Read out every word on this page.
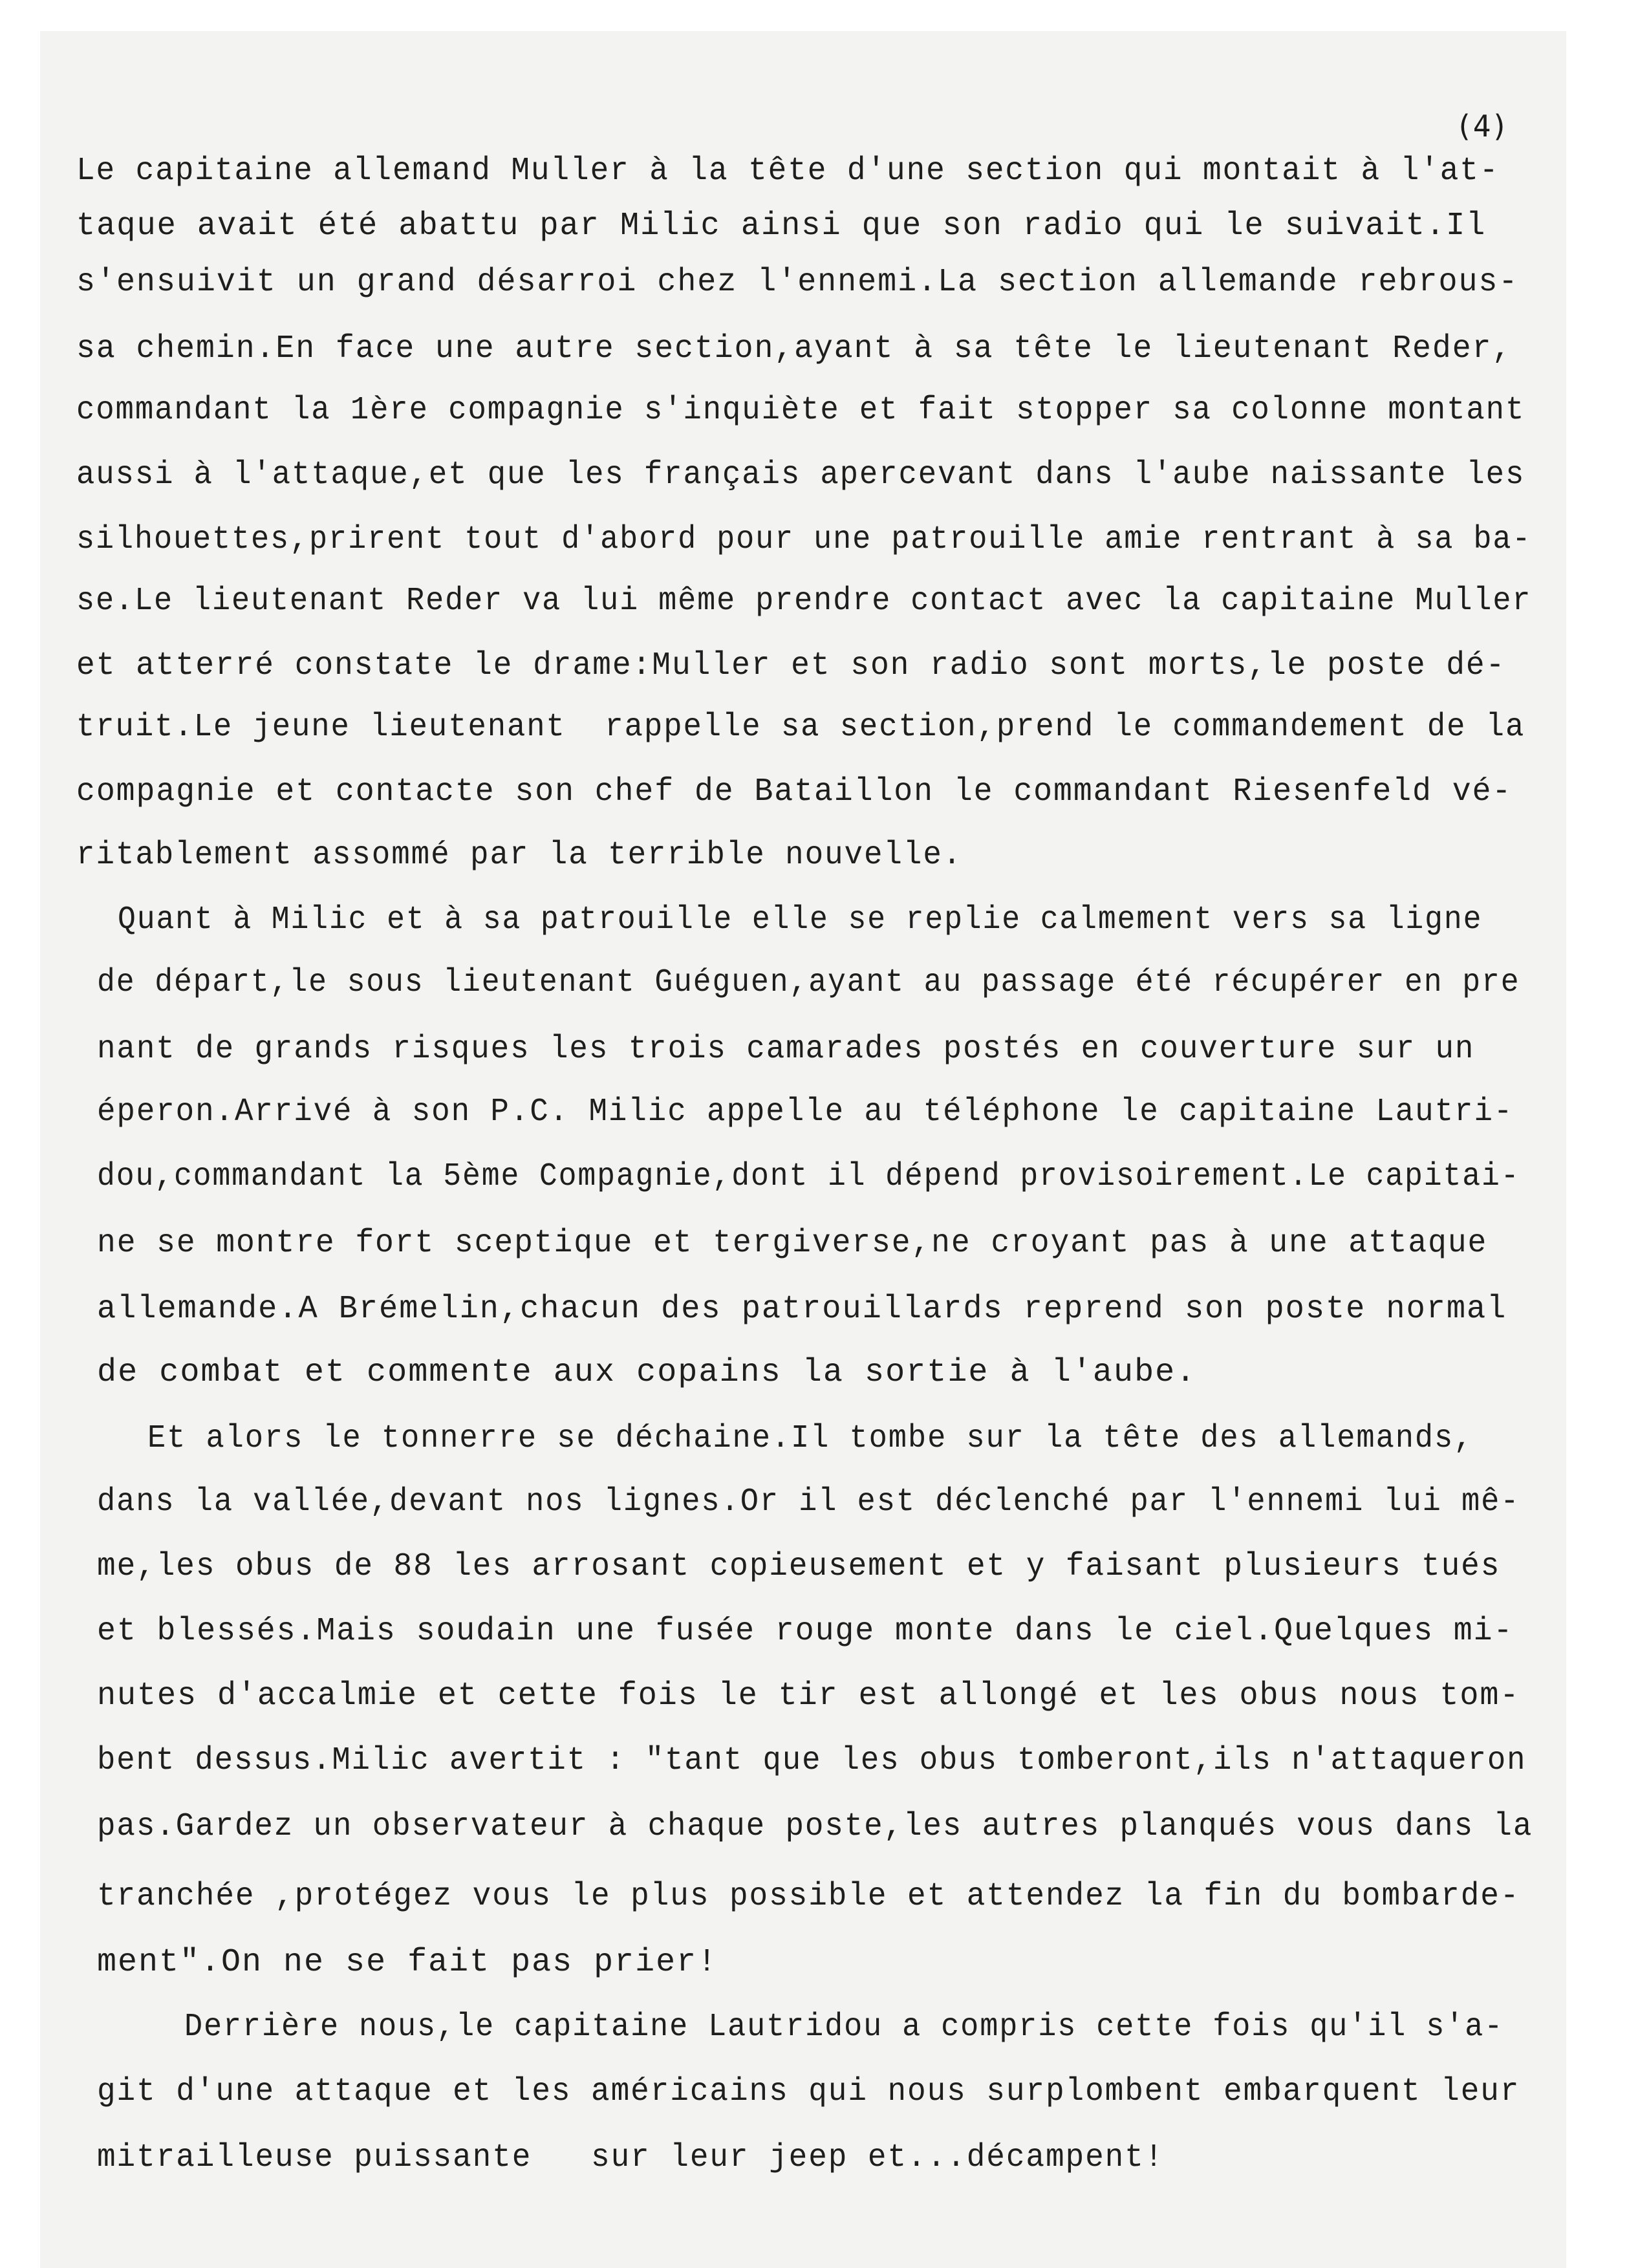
(4)
Le capitaine allemand Muller à la tête d'une section qui montait à l'at-
taque avait été abattu par Milic ainsi que son radio qui le suivait.Il
s'ensuivit un grand désarroi chez l'ennemi.La section allemande rebrous-
sa chemin.En face une autre section,ayant à sa tête le lieutenant Reder,
commandant la 1ère compagnie s'inquiète et fait stopper sa colonne montant
aussi à l'attaque,et que les français apercevant dans l'aube naissante les
silhouettes,prirent tout d'abord pour une patrouille amie rentrant à sa ba-
se.Le lieutenant Reder va lui même prendre contact avec la capitaine Muller
et atterré constate le drame:Muller et son radio sont morts,le poste dé-
truit.Le jeune lieutenant  rappelle sa section,prend le commandement de la
compagnie et contacte son chef de Bataillon le commandant Riesenfeld vé-
ritablement assommé par la terrible nouvelle.
Quant à Milic et à sa patrouille elle se replie calmement vers sa ligne
de départ,le sous lieutenant Guéguen,ayant au passage été récupérer en pre
nant de grands risques les trois camarades postés en couverture sur un
éperon.Arrivé à son P.C. Milic appelle au téléphone le capitaine Lautri-
dou,commandant la 5ème Compagnie,dont il dépend provisoirement.Le capitai-
ne se montre fort sceptique et tergiverse,ne croyant pas à une attaque
allemande.A Brémelin,chacun des patrouillards reprend son poste normal
de combat et commente aux copains la sortie à l'aube.
Et alors le tonnerre se déchaine.Il tombe sur la tête des allemands,
dans la vallée,devant nos lignes.Or il est déclenché par l'ennemi lui mê-
me,les obus de 88 les arrosant copieusement et y faisant plusieurs tués
et blessés.Mais soudain une fusée rouge monte dans le ciel.Quelques mi-
nutes d'accalmie et cette fois le tir est allongé et les obus nous tom-
bent dessus.Milic avertit : "tant que les obus tomberont,ils n'attaqueron
pas.Gardez un observateur à chaque poste,les autres planqués vous dans la
tranchée ,protégez vous le plus possible et attendez la fin du bombarde-
ment".On ne se fait pas prier!
Derrière nous,le capitaine Lautridou a compris cette fois qu'il s'a-
git d'une attaque et les américains qui nous surplombent embarquent leur
mitrailleuse puissante   sur leur jeep et...décampent!
